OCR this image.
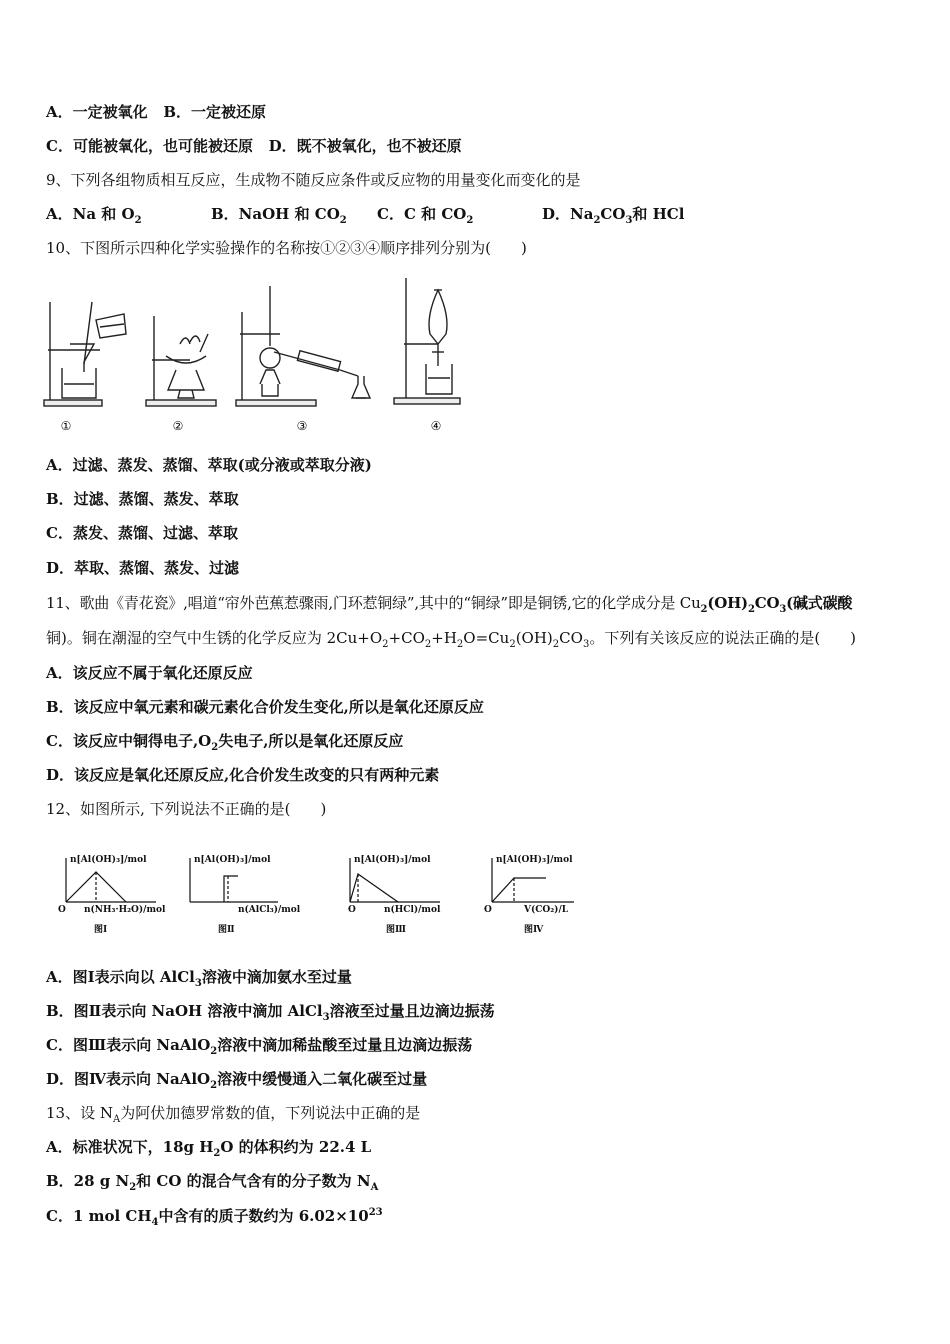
A．一定被氧化 B．一定被还原
C．可能被氧化，也可能被还原 D．既不被氧化，也不被还原
9、下列各组物质相互反应，生成物不随反应条件或反应物的用量变化而变化的是
A．Na 和 $O_2$	B．NaOH 和 $CO_2$ C．C 和 $CO_2$	D．$Na_2CO_3$和 HCl
10、下图所示四种化学实验操作的名称按①②③④顺序排列分别为(　　)
①	②	③	④
A．过滤、蒸发、蒸馏、萃取(或分液或萃取分液)
B．过滤、蒸馏、蒸发、萃取
C．蒸发、蒸馏、过滤、萃取
D．萃取、蒸馏、蒸发、过滤
11、歌曲《青花瓷》,唱道“帘外芭蕉惹骤雨,门环惹铜绿”,其中的“铜绿”即是铜锈,它的化学成分是 $Cu_2(OH)_2CO_3$(碱式碳酸
铜)。铜在潮湿的空气中生锈的化学反应为 $2Cu+O_2+CO_2+H_2O=Cu_2(OH)_2CO_3$。下列有关该反应的说法正确的是(　　)
A．该反应不属于氧化还原反应
B．该反应中氧元素和碳元素化合价发生变化,所以是氧化还原反应
C．该反应中铜得电子$,O_2$失电子,所以是氧化还原反应
D．该反应是氧化还原反应,化合价发生改变的只有两种元素
12、如图所示, 下列说法不正确的是(　　)
n[Al(OH)₃]/mol
O n(NH₃·H₂O)/mol
图Ⅰ
n[Al(OH)₃]/mol
n(AlCl₃)/mol
图Ⅱ
n[Al(OH)₃]/mol
O	n(HCl)/mol
图Ⅲ
n[Al(OH)₃]/mol
O	V(CO₂)/L
图Ⅳ
A．图Ⅰ表示向以 AlCl$_3$溶液中滴加氨水至过量
B．图Ⅱ表示向 NaOH 溶液中滴加 AlCl$_3$溶液至过量且边滴边振荡
C．图Ⅲ表示向 NaAlO$_2$溶液中滴加稀盐酸至过量且边滴边振荡
D．图Ⅳ表示向 NaAlO$_2$溶液中缓慢通入二氧化碳至过量
13、设 $N_A$为阿伏加德罗常数的值，下列说法中正确的是
A．标准状况下，18g $H_2O$ 的体积约为 22.4 L
B．28 g $N_2$和 CO 的混合气含有的分子数为 $N_A$
C．1 mol $CH_4$中含有的质子数约为 $6.02\times 10^{23}$
